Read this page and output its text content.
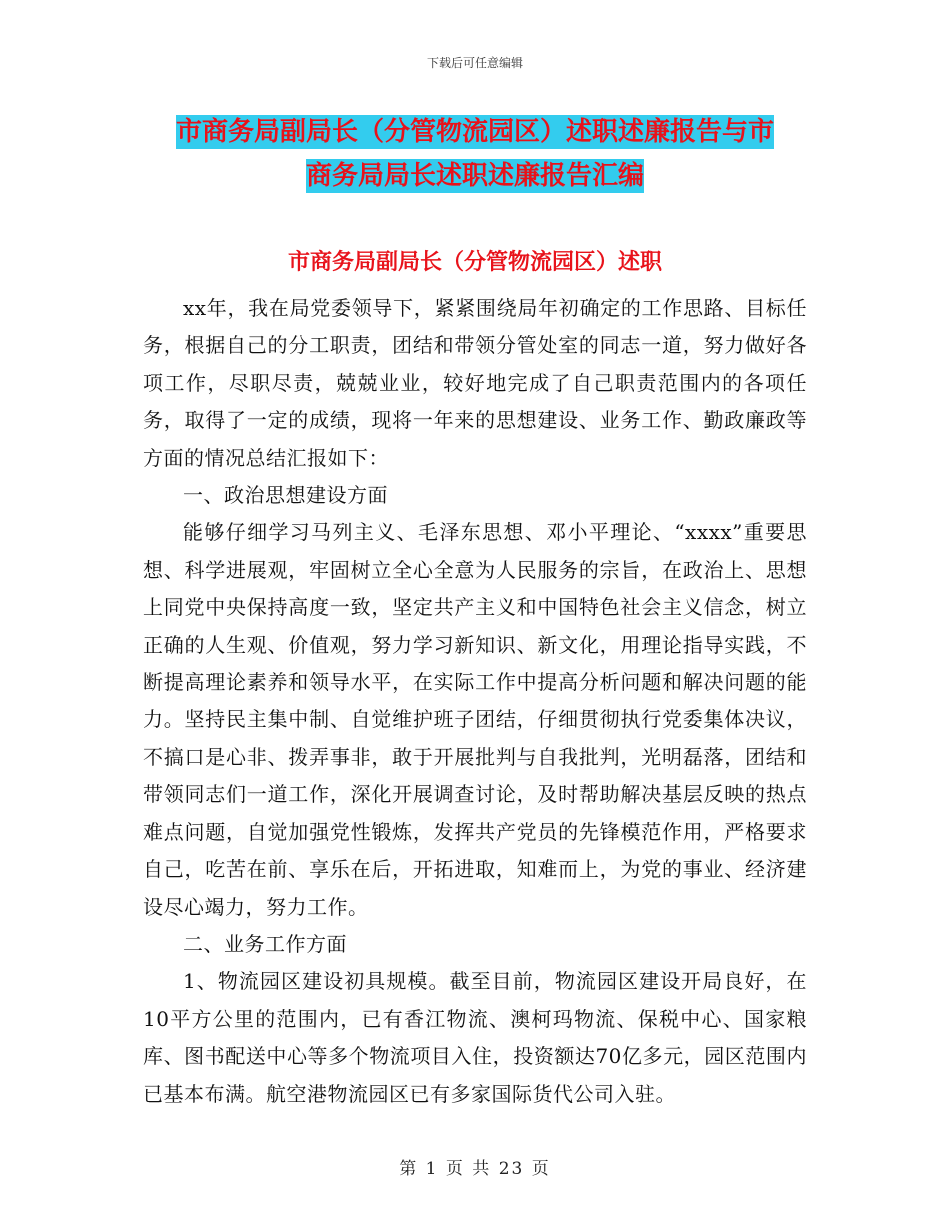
下载后可任意编辑
市商务局副局长（分管物流园区）述职述廉报告与市
商务局局长述职述廉报告汇编
市商务局副局长（分管物流园区）述职

xx年，我在局党委领导下，紧紧围绕局年初确定的工作思路、目标任务，根据自己的分工职责，团结和带领分管处室的同志一道，努力做好各项工作，尽职尽责，兢兢业业，较好地完成了自己职责范围内的各项任务，取得了一定的成绩，现将一年来的思想建设、业务工作、勤政廉政等方面的情况总结汇报如下：

一、政治思想建设方面

能够仔细学习马列主义、毛泽东思想、邓小平理论、“xxxx”重要思想、科学进展观，牢固树立全心全意为人民服务的宗旨，在政治上、思想上同党中央保持高度一致，坚定共产主义和中国特色社会主义信念，树立正确的人生观、价值观，努力学习新知识、新文化，用理论指导实践，不断提高理论素养和领导水平，在实际工作中提高分析问题和解决问题的能力。坚持民主集中制、自觉维护班子团结，仔细贯彻执行党委集体决议，不搞口是心非、拨弄事非，敢于开展批判与自我批判，光明磊落，团结和带领同志们一道工作，深化开展调查讨论，及时帮助解决基层反映的热点难点问题，自觉加强党性锻炼，发挥共产党员的先锋模范作用，严格要求自己，吃苦在前、享乐在后，开拓进取，知难而上，为党的事业、经济建设尽心竭力，努力工作。

二、业务工作方面

1、物流园区建设初具规模。截至目前，物流园区建设开局良好，在10平方公里的范围内，已有香江物流、澳柯玛物流、保税中心、国家粮库、图书配送中心等多个物流项目入住，投资额达70亿多元，园区范围内已基本布满。航空港物流园区已有多家国际货代公司入驻。

第 1 页 共 23 页
